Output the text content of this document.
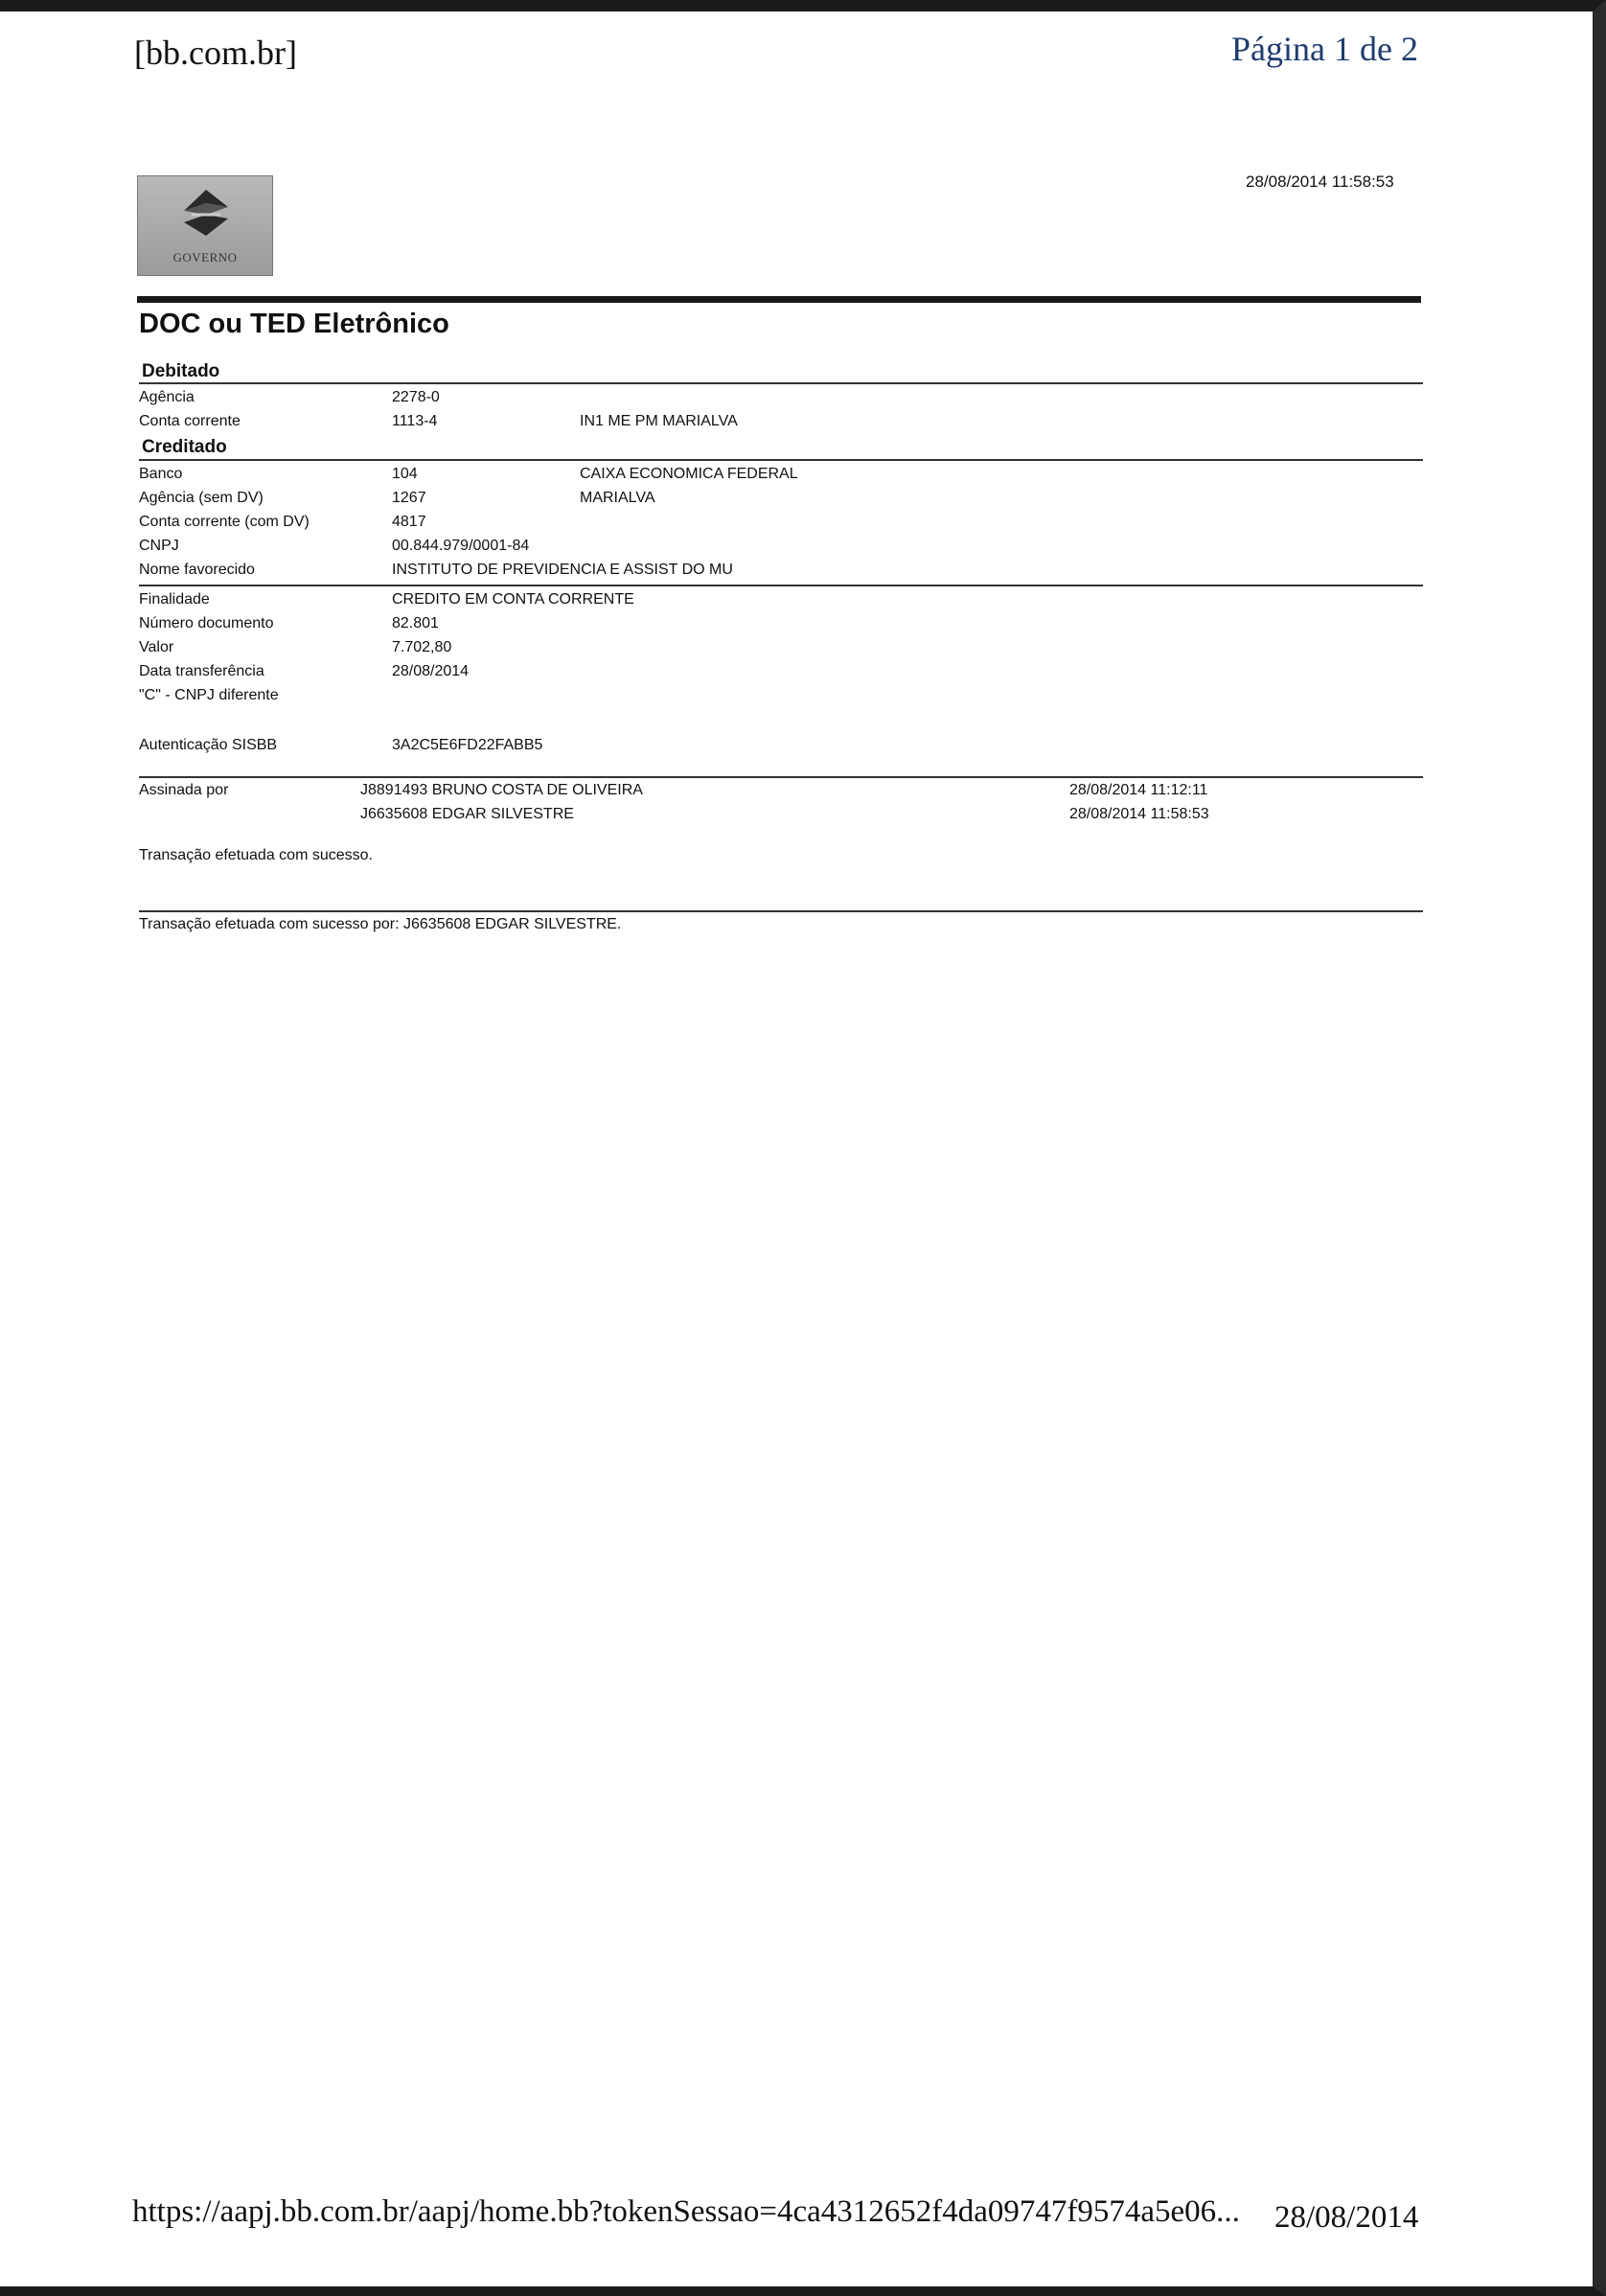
[bb.com.br]	Página 1 de 2
28/08/2014 11:58:53
GOVERNO
DOC ou TED Eletrônico
Debitado
Agência	2278-0
Conta corrente	1113-4	IN1 ME PM MARIALVA
Creditado
Banco	104	CAIXA ECONOMICA FEDERAL
Agência (sem DV)	1267	MARIALVA
Conta corrente (com DV)	4817
CNPJ	00.844.979/0001-84
Nome favorecido	INSTITUTO DE PREVIDENCIA E ASSIST DO MU
Finalidade	CREDITO EM CONTA CORRENTE
Número documento	82.801
Valor	7.702,80
Data transferência	28/08/2014
"C" - CNPJ diferente
Autenticação SISBB	3A2C5E6FD22FABB5
Assinada por	J8891493 BRUNO COSTA DE OLIVEIRA	28/08/2014 11:12:11
J6635608 EDGAR SILVESTRE	28/08/2014 11:58:53
Transação efetuada com sucesso.
Transação efetuada com sucesso por: J6635608 EDGAR SILVESTRE.
https://aapj.bb.com.br/aapj/home.bb?tokenSessao=4ca4312652f4da09747f9574a5e06... 28/08/2014
